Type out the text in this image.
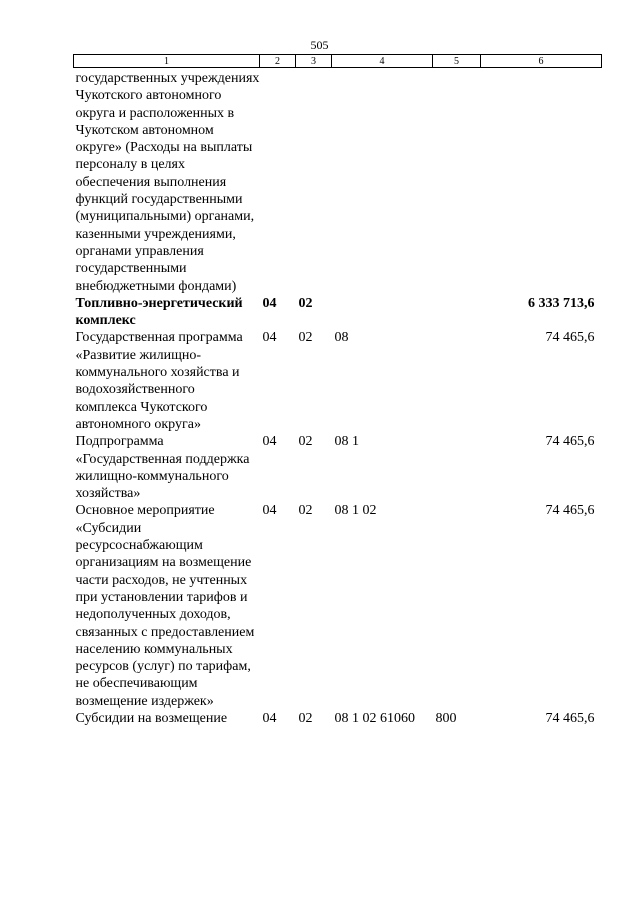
505
1	2	3	4	5	6
государственных учреждениях Чукотского автономного округа и расположенных в Чукотском автономном округе» (Расходы на выплаты персоналу в целях обеспечения выполнения функций государственными (муниципальными) органами, казенными учреждениями, органами управления государственными внебюджетными фондами)					
Топливно-энергетический комплекс	04	02			6 333 713,6
Государственная программа «Развитие жилищно-коммунального хозяйства и водохозяйственного комплекса Чукотского автономного округа»	04	02	08		74 465,6
Подпрограмма «Государственная поддержка жилищно-коммунального хозяйства»	04	02	08 1		74 465,6
Основное мероприятие «Субсидии ресурсоснабжающим организациям на возмещение части расходов, не учтенных при установлении тарифов и недополученных доходов, связанных с предоставлением населению коммунальных ресурсов (услуг) по тарифам, не обеспечивающим возмещение издержек»	04	02	08 1 02		74 465,6
Субсидии на возмещение	04	02	08 1 02 61060	800	74 465,6
